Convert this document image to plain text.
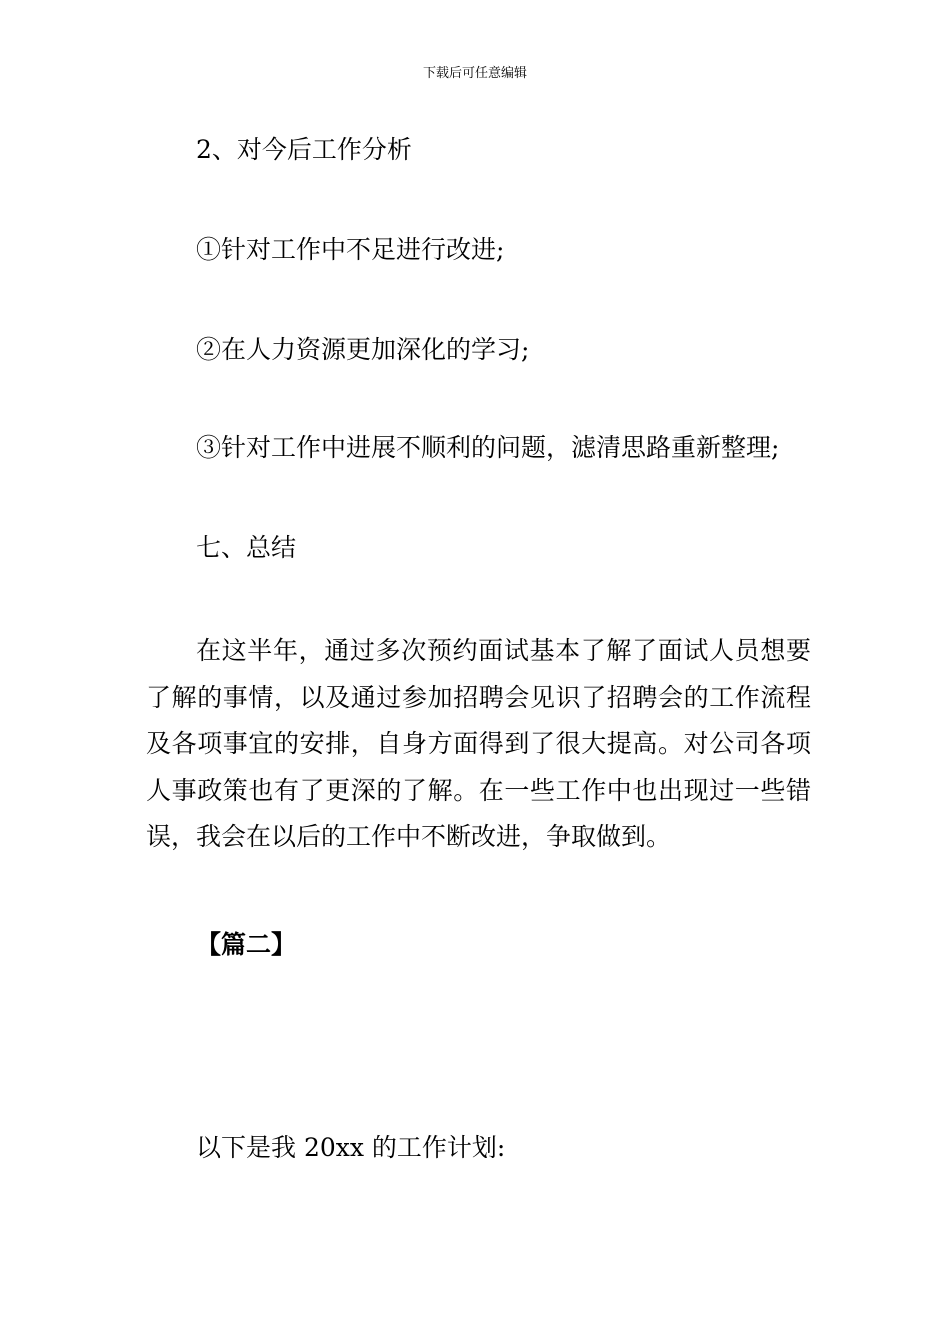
下载后可任意编辑
2、对今后工作分析
①针对工作中不足进行改进;
②在人力资源更加深化的学习;
③针对工作中进展不顺利的问题，滤清思路重新整理;
七、总结
在这半年，通过多次预约面试基本了解了面试人员想要了解的事情，以及通过参加招聘会见识了招聘会的工作流程及各项事宜的安排，自身方面得到了很大提高。对公司各项人事政策也有了更深的了解。在一些工作中也出现过一些错误，我会在以后的工作中不断改进，争取做到。
【篇二】
以下是我 20xx 的工作计划:
